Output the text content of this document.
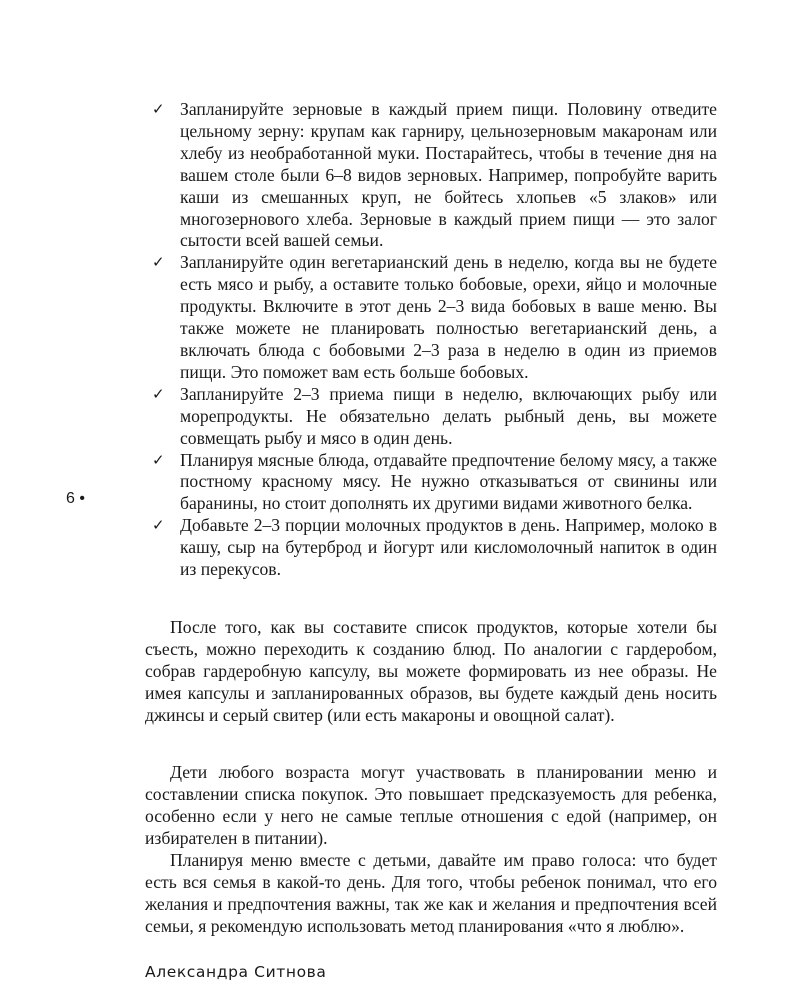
✓ Запланируйте зерновые в каждый прием пищи. Половину отведите цельному зерну: крупам как гарниру, цельнозерновым макаронам или хлебу из необработанной муки. Постарайтесь, чтобы в течение дня на вашем столе были 6–8 видов зерновых. Например, попробуйте варить каши из смешанных круп, не бойтесь хлопьев «5 злаков» или многозернового хлеба. Зерновые в каждый прием пищи — это залог сытости всей вашей семьи.
✓ Запланируйте один вегетарианский день в неделю, когда вы не будете есть мясо и рыбу, а оставите только бобовые, орехи, яйцо и молочные продукты. Включите в этот день 2–3 вида бобовых в ваше меню. Вы также можете не планировать полностью вегетарианский день, а включать блюда с бобовыми 2–3 раза в неделю в один из приемов пищи. Это поможет вам есть больше бобовых.
✓ Запланируйте 2–3 приема пищи в неделю, включающих рыбу или морепродукты. Не обязательно делать рыбный день, вы можете совмещать рыбу и мясо в один день.
✓ Планируя мясные блюда, отдавайте предпочтение белому мясу, а также постному красному мясу. Не нужно отказываться от свинины или баранины, но стоит дополнять их другими видами животного белка.
✓ Добавьте 2–3 порции молочных продуктов в день. Например, молоко в кашу, сыр на бутерброд и йогурт или кисломолочный напиток в один из перекусов.

После того, как вы составите список продуктов, которые хотели бы съесть, можно переходить к созданию блюд. По аналогии с гардеробом, собрав гардеробную капсулу, вы можете формировать из нее образы. Не имея капсулы и запланированных образов, вы будете каждый день носить джинсы и серый свитер (или есть макароны и овощной салат).

Дети любого возраста могут участвовать в планировании меню и составлении списка покупок. Это повышает предсказуемость для ребенка, особенно если у него не самые теплые отношения с едой (например, он избирателен в питании).

Планируя меню вместе с детьми, давайте им право голоса: что будет есть вся семья в какой-то день. Для того, чтобы ребенок понимал, что его желания и предпочтения важны, так же как и желания и предпочтения всей семьи, я рекомендую использовать метод планирования «что я люблю».

Александра Ситнова
6 •
